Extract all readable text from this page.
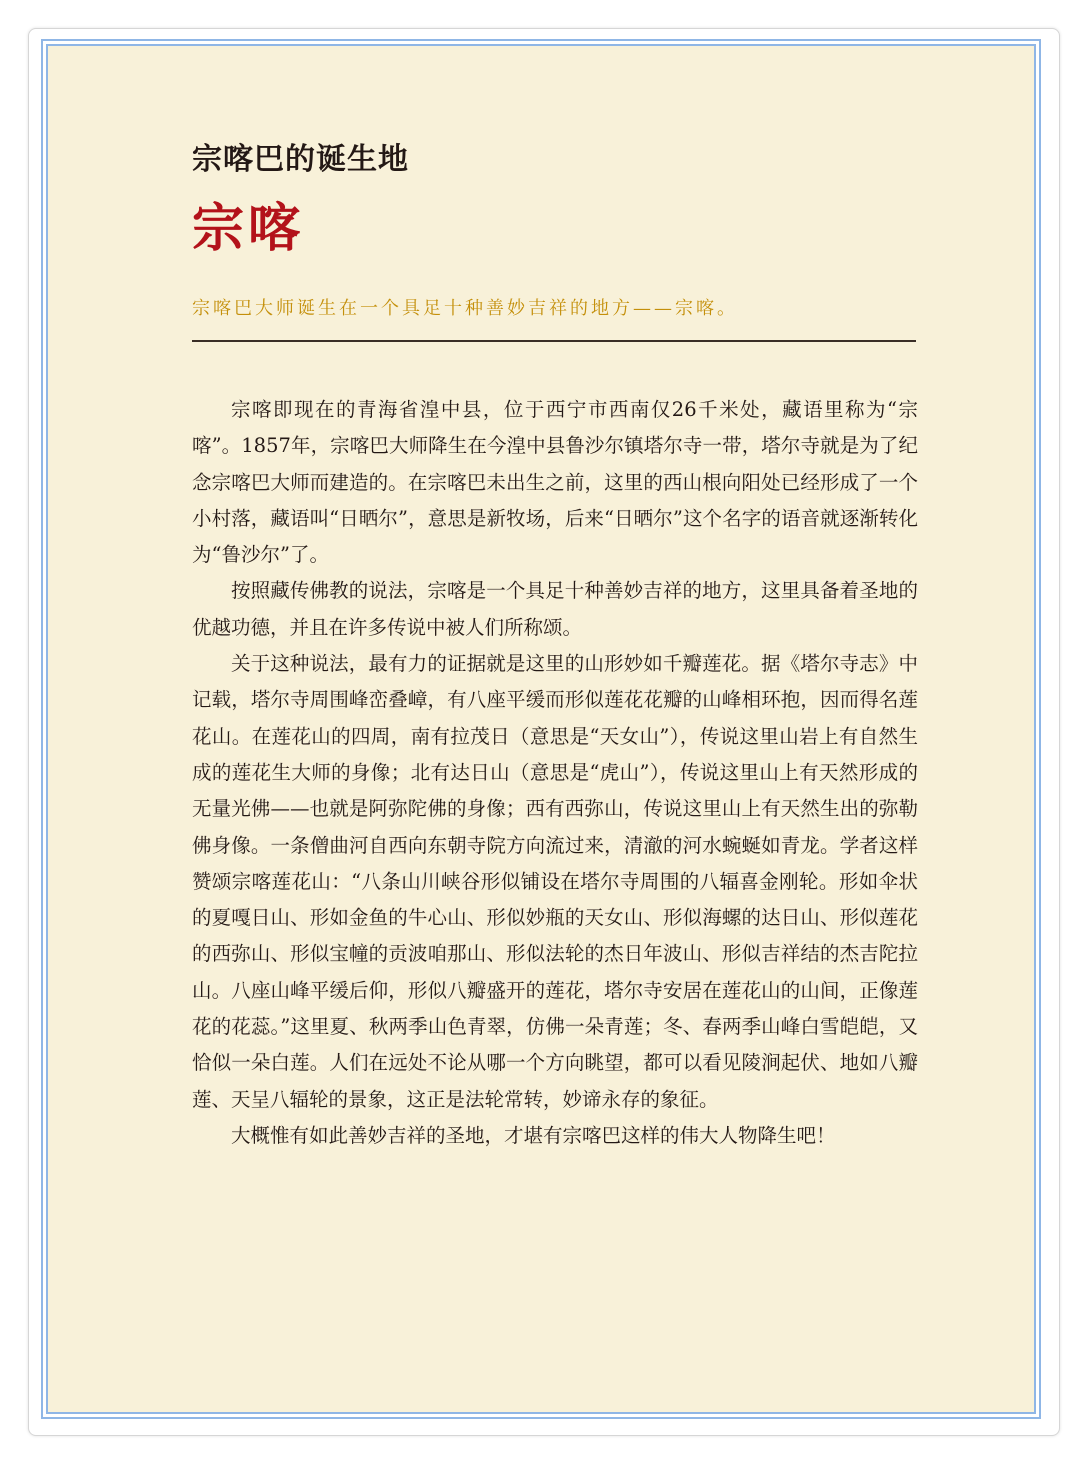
宗喀巴的诞生地
宗喀

宗喀巴大师诞生在一个具足十种善妙吉祥的地方——宗喀。

宗喀即现在的青海省湟中县，位于西宁市西南仅26千米处，藏语里称为“宗喀”。1857年，宗喀巴大师降生在今湟中县鲁沙尔镇塔尔寺一带，塔尔寺就是为了纪念宗喀巴大师而建造的。在宗喀巴未出生之前，这里的西山根向阳处已经形成了一个小村落，藏语叫“日晒尔”，意思是新牧场，后来“日晒尔”这个名字的语音就逐渐转化为“鲁沙尔”了。

按照藏传佛教的说法，宗喀是一个具足十种善妙吉祥的地方，这里具备着圣地的优越功德，并且在许多传说中被人们所称颂。

关于这种说法，最有力的证据就是这里的山形妙如千瓣莲花。据《塔尔寺志》中记载，塔尔寺周围峰峦叠嶂，有八座平缓而形似莲花花瓣的山峰相环抱，因而得名莲花山。在莲花山的四周，南有拉茂日（意思是“天女山”），传说这里山岩上有自然生成的莲花生大师的身像；北有达日山（意思是“虎山”），传说这里山上有天然形成的无量光佛——也就是阿弥陀佛的身像；西有西弥山，传说这里山上有天然生出的弥勒佛身像。一条僧曲河自西向东朝寺院方向流过来，清澈的河水蜿蜒如青龙。学者这样赞颂宗喀莲花山：“八条山川峡谷形似铺设在塔尔寺周围的八辐喜金刚轮。形如伞状的夏嘎日山、形如金鱼的牛心山、形似妙瓶的天女山、形似海螺的达日山、形似莲花的西弥山、形似宝幢的贡波咱那山、形似法轮的杰日年波山、形似吉祥结的杰吉陀拉山。八座山峰平缓后仰，形似八瓣盛开的莲花，塔尔寺安居在莲花山的山间，正像莲花的花蕊。”这里夏、秋两季山色青翠，仿佛一朵青莲；冬、春两季山峰白雪皑皑，又恰似一朵白莲。人们在远处不论从哪一个方向眺望，都可以看见陵涧起伏、地如八瓣莲、天呈八辐轮的景象，这正是法轮常转，妙谛永存的象征。

大概惟有如此善妙吉祥的圣地，才堪有宗喀巴这样的伟大人物降生吧！
